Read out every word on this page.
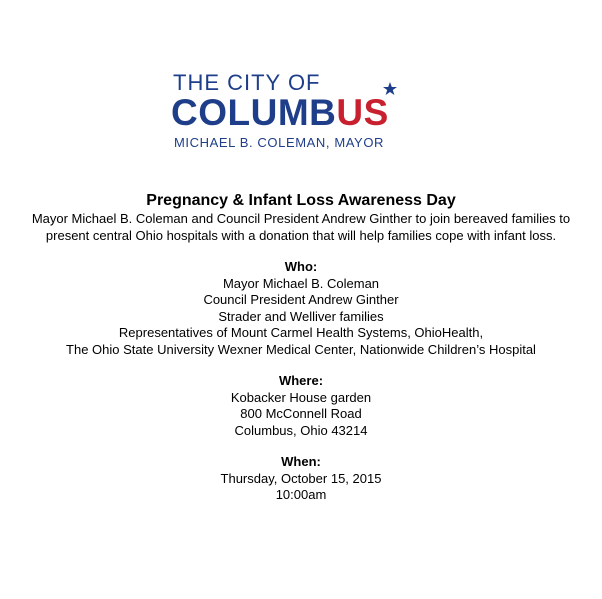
THE CITY OF
COLUMBUS
MICHAEL B. COLEMAN, MAYOR

Pregnancy & Infant Loss Awareness Day

Mayor Michael B. Coleman and Council President Andrew Ginther to join bereaved families to present central Ohio hospitals with a donation that will help families cope with infant loss.

Who:

Mayor Michael B. Coleman

Council President Andrew Ginther

Strader and Welliver families

Representatives of Mount Carmel Health Systems, OhioHealth,

The Ohio State University Wexner Medical Center, Nationwide Children’s Hospital

Where:

Kobacker House garden

800 McConnell Road

Columbus, Ohio 43214

When:

Thursday, October 15, 2015

10:00am
